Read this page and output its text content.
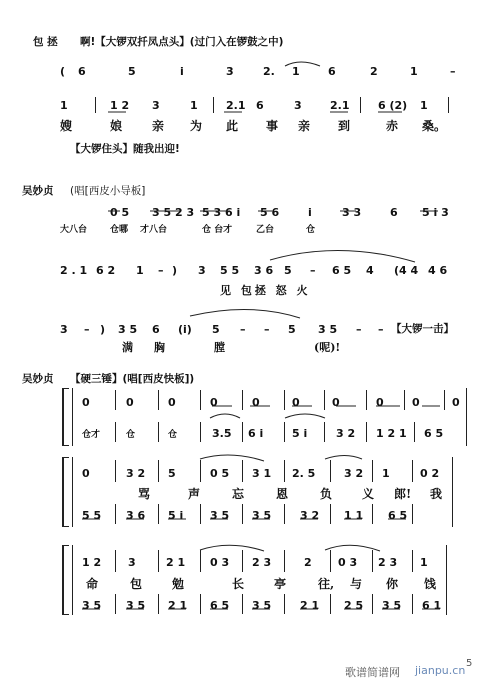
包 拯 啊!【大锣双扦凤点头】(过门入在锣鼓之中)
( 6	5	i	3	2. 1	6	2	1	–
1	1 2 3	1	2.1 6	3	2.1	6 (2) 1
嫂	娘 亲 为 此 事 亲 到	赤 桑。
【大锣住头】随我出迎!
吴妙贞 (唱[西皮小导板]
0 5 3 5 2 3 5 3 6 i 5 6	i	3 3	6 5 i 3
大八台	仓哪 才八台	仓 台才	乙台	仓
2 . 1 6 2 1 – ) 3 5 5 3 6 5 – 6 5 4 (4 4 4 6
见 包拯 怒 火
3 – ) 3 5 6 (i) 5 – – 5 3 5 – – 【大锣一击】
满 胸	膛	(呢)!
吴妙贞 【硬三锤】(唱[西皮快板])
0	0	0	0	0	0	0	0	0	0
仓才	仓	仓	3.5 6 i	5 i	3 2 1 2 1 6 5
0	3 2 5	0 5 3 1 2. 5	3 2 1	0 2
骂	声	忘	恩	负 义 郎! 我
5 5 3 6 5 i 3 5 3 5	3 2 1 1 6 5
1 2 3	2 1 0 3 2 3	2 0 3 2 3 1
命	包 勉	长 亭	往, 与 你 饯
3 5 3 5 2 1 6 5 3 5	2 1 2 5 3 5 6 1
歌谱简谱网 jianpu.cn
5
